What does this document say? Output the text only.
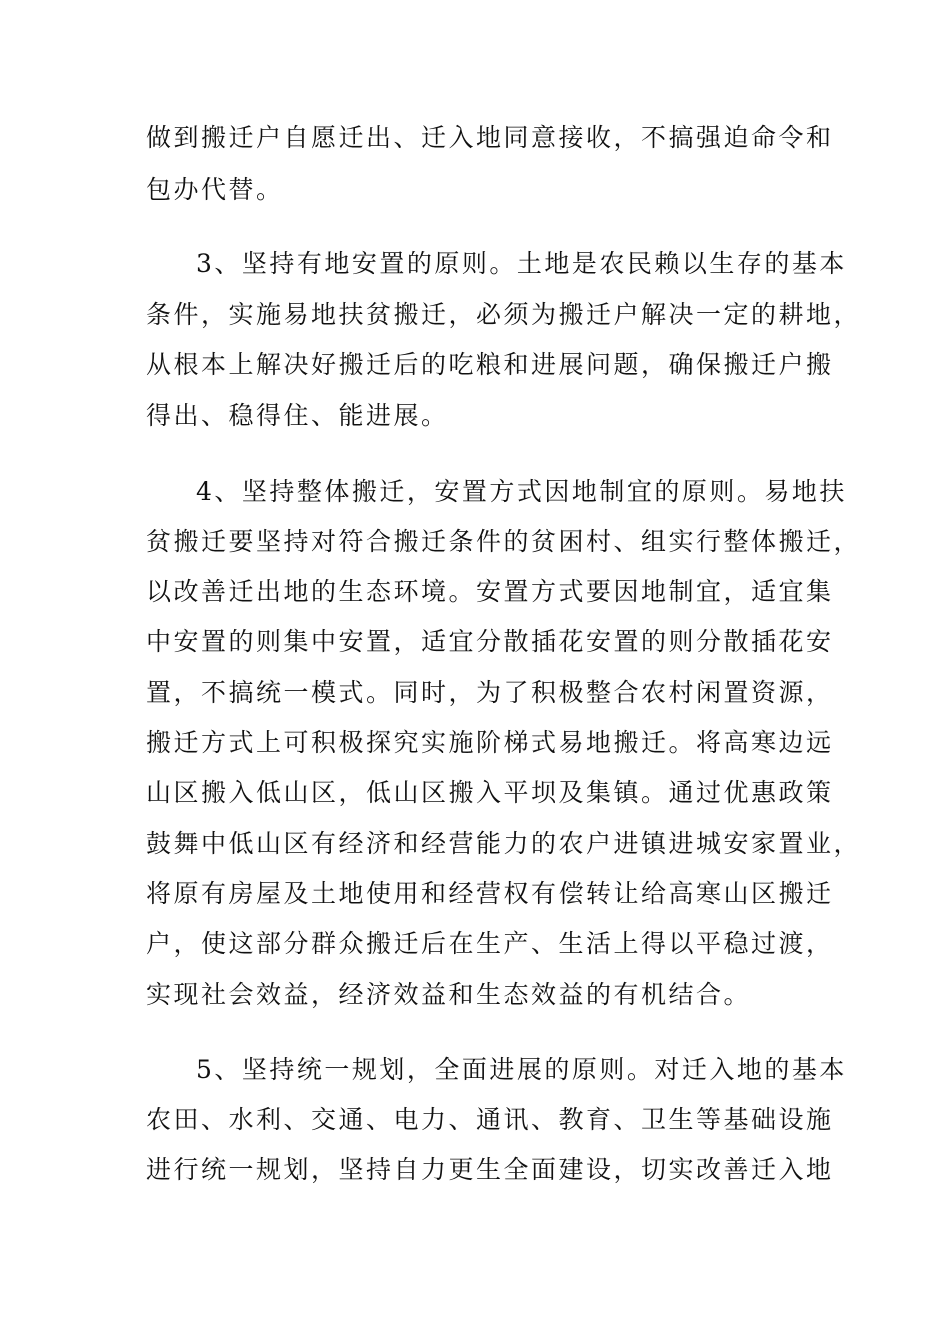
做到搬迁户自愿迁出、迁入地同意接收，不搞强迫命令和
包办代替。
3、坚持有地安置的原则。土地是农民赖以生存的基本
条件，实施易地扶贫搬迁，必须为搬迁户解决一定的耕地，
从根本上解决好搬迁后的吃粮和进展问题，确保搬迁户搬
得出、稳得住、能进展。
4、坚持整体搬迁，安置方式因地制宜的原则。易地扶
贫搬迁要坚持对符合搬迁条件的贫困村、组实行整体搬迁，
以改善迁出地的生态环境。安置方式要因地制宜，适宜集
中安置的则集中安置，适宜分散插花安置的则分散插花安
置，不搞统一模式。同时，为了积极整合农村闲置资源，
搬迁方式上可积极探究实施阶梯式易地搬迁。将高寒边远
山区搬入低山区，低山区搬入平坝及集镇。通过优惠政策
鼓舞中低山区有经济和经营能力的农户进镇进城安家置业，
将原有房屋及土地使用和经营权有偿转让给高寒山区搬迁
户，使这部分群众搬迁后在生产、生活上得以平稳过渡，
实现社会效益，经济效益和生态效益的有机结合。
5、坚持统一规划，全面进展的原则。对迁入地的基本
农田、水利、交通、电力、通讯、教育、卫生等基础设施
进行统一规划，坚持自力更生全面建设，切实改善迁入地
